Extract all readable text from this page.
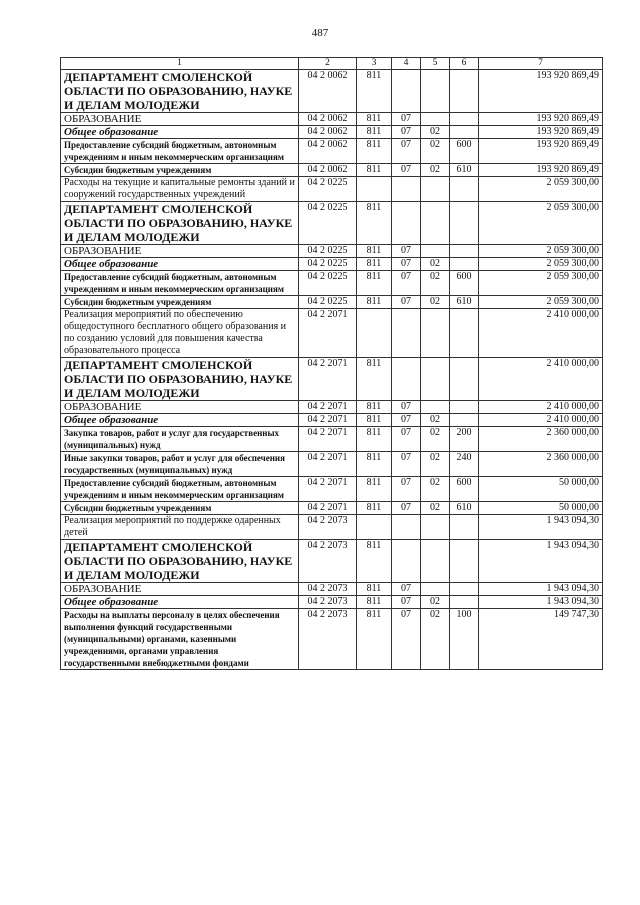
487
1	2	3	4	5	6	7
ДЕПАРТАМЕНТ СМОЛЕНСКОЙ ОБЛАСТИ ПО ОБРАЗОВАНИЮ, НАУКЕ И ДЕЛАМ МОЛОДЕЖИ	04 2 0062	811				193 920 869,49
ОБРАЗОВАНИЕ	04 2 0062	811	07			193 920 869,49
Общее образование	04 2 0062	811	07	02		193 920 869,49
Предоставление субсидий бюджетным, автономным учреждениям и иным некоммерческим организациям	04 2 0062	811	07	02	600	193 920 869,49
Субсидии бюджетным учреждениям	04 2 0062	811	07	02	610	193 920 869,49
Расходы на текущие и капитальные ремонты зданий и сооружений государственных учреждений	04 2 0225					2 059 300,00
ДЕПАРТАМЕНТ СМОЛЕНСКОЙ ОБЛАСТИ ПО ОБРАЗОВАНИЮ, НАУКЕ И ДЕЛАМ МОЛОДЕЖИ	04 2 0225	811				2 059 300,00
ОБРАЗОВАНИЕ	04 2 0225	811	07			2 059 300,00
Общее образование	04 2 0225	811	07	02		2 059 300,00
Предоставление субсидий бюджетным, автономным учреждениям и иным некоммерческим организациям	04 2 0225	811	07	02	600	2 059 300,00
Субсидии бюджетным учреждениям	04 2 0225	811	07	02	610	2 059 300,00
Реализация мероприятий по обеспечению общедоступного бесплатного общего образования и по созданию условий для повышения качества образовательного процесса	04 2 2071					2 410 000,00
ДЕПАРТАМЕНТ СМОЛЕНСКОЙ ОБЛАСТИ ПО ОБРАЗОВАНИЮ, НАУКЕ И ДЕЛАМ МОЛОДЕЖИ	04 2 2071	811				2 410 000,00
ОБРАЗОВАНИЕ	04 2 2071	811	07			2 410 000,00
Общее образование	04 2 2071	811	07	02		2 410 000,00
Закупка товаров, работ и услуг для государственных (муниципальных) нужд	04 2 2071	811	07	02	200	2 360 000,00
Иные закупки товаров, работ и услуг для обеспечения государственных (муниципальных) нужд	04 2 2071	811	07	02	240	2 360 000,00
Предоставление субсидий бюджетным, автономным учреждениям и иным некоммерческим организациям	04 2 2071	811	07	02	600	50 000,00
Субсидии бюджетным учреждениям	04 2 2071	811	07	02	610	50 000,00
Реализация мероприятий по поддержке одаренных детей	04 2 2073					1 943 094,30
ДЕПАРТАМЕНТ СМОЛЕНСКОЙ ОБЛАСТИ ПО ОБРАЗОВАНИЮ, НАУКЕ И ДЕЛАМ МОЛОДЕЖИ	04 2 2073	811				1 943 094,30
ОБРАЗОВАНИЕ	04 2 2073	811	07			1 943 094,30
Общее образование	04 2 2073	811	07	02		1 943 094,30
Расходы на выплаты персоналу в целях обеспечения выполнения функций государственными (муниципальными) органами, казенными учреждениями, органами управления государственными внебюджетными фондами	04 2 2073	811	07	02	100	149 747,30
